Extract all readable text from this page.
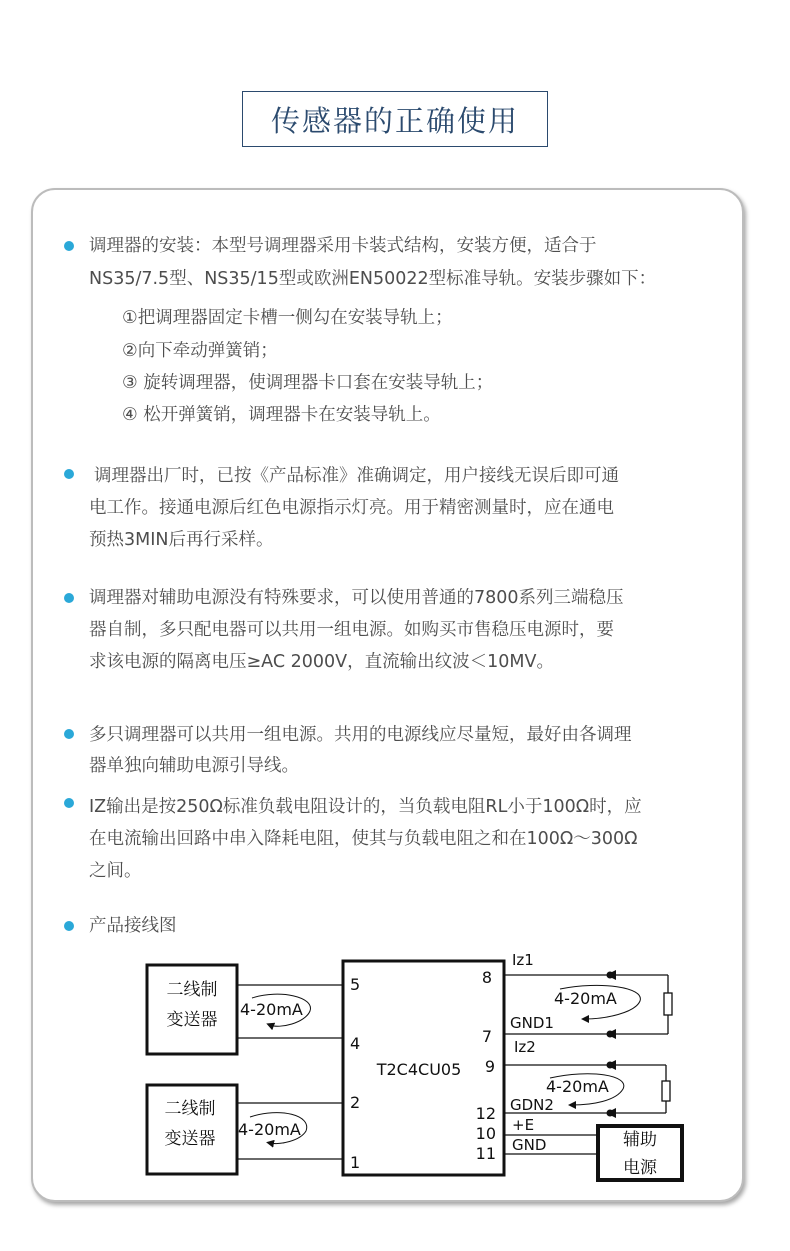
传感器的正确使用
调理器的安装：本型号调理器采用卡装式结构，安装方便，适合于
NS35/7.5型、NS35/15型或欧洲EN50022型标准导轨。安装步骤如下：
①把调理器固定卡槽一侧勾在安装导轨上；
②向下牵动弹簧销；
③ 旋转调理器，使调理器卡口套在安装导轨上；
④ 松开弹簧销，调理器卡在安装导轨上。
调理器出厂时，已按《产品标准》准确调定，用户接线无误后即可通
电工作。接通电源后红色电源指示灯亮。用于精密测量时，应在通电
预热3MIN后再行采样。
调理器对辅助电源没有特殊要求，可以使用普通的7800系列三端稳压
器自制，多只配电器可以共用一组电源。如购买市售稳压电源时，要
求该电源的隔离电压≥AC 2000V，直流输出纹波＜10MV。
多只调理器可以共用一组电源。共用的电源线应尽量短，最好由各调理
器单独向辅助电源引导线。
IZ输出是按250Ω标准负载电阻设计的，当负载电阻RL小于100Ω时，应
在电流输出回路中串入降耗电阻，使其与负载电阻之和在100Ω～300Ω
之间。
产品接线图
二线制
变送器
二线制
变送器
4-20mA
4-20mA
4-20mA
4-20mA
T2C4CU05
5
4
2
1
8
7
9
12
10
11
Iz1
GND1
Iz2
GDN2
+E
GND	辅助
电源
